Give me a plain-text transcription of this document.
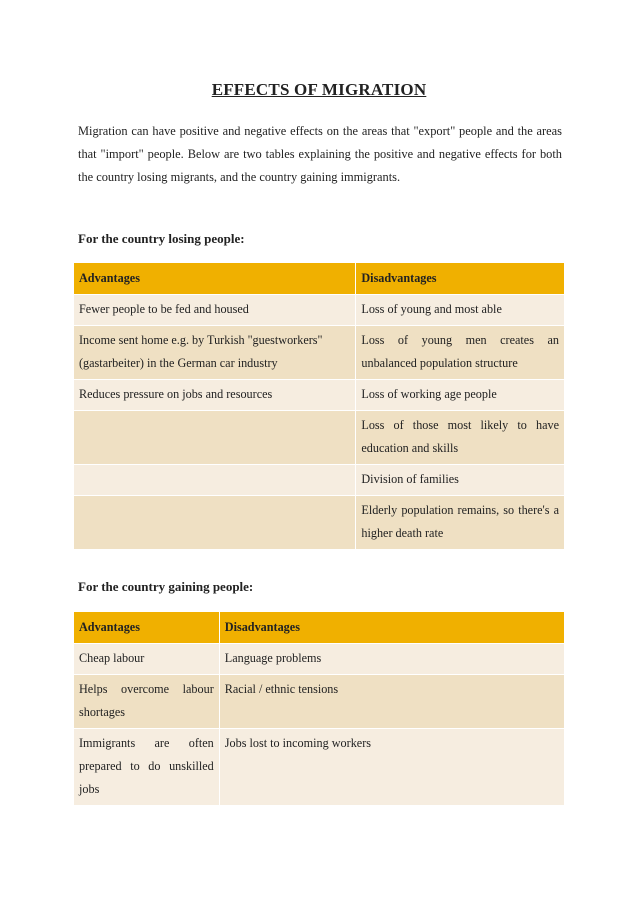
EFFECTS OF MIGRATION
Migration can have positive and negative effects on the areas that "export" people and the areas that "import" people. Below are two tables explaining the positive and negative effects for both the country losing migrants, and the country gaining immigrants.
For the country losing people:
Advantages	Disadvantages
Fewer people to be fed and housed	Loss of young and most able
Income sent home e.g. by Turkish "guestworkers" (gastarbeiter) in the German car industry	Loss of young men creates an unbalanced population structure
Reduces pressure on jobs and resources	Loss of working age people
	Loss of those most likely to have education and skills
	Division of families
	Elderly population remains, so there's a higher death rate
For the country gaining people:
Advantages	Disadvantages
Cheap labour	Language problems
Helps overcome labour shortages	Racial / ethnic tensions
Immigrants are often prepared to do unskilled jobs	Jobs lost to incoming workers
